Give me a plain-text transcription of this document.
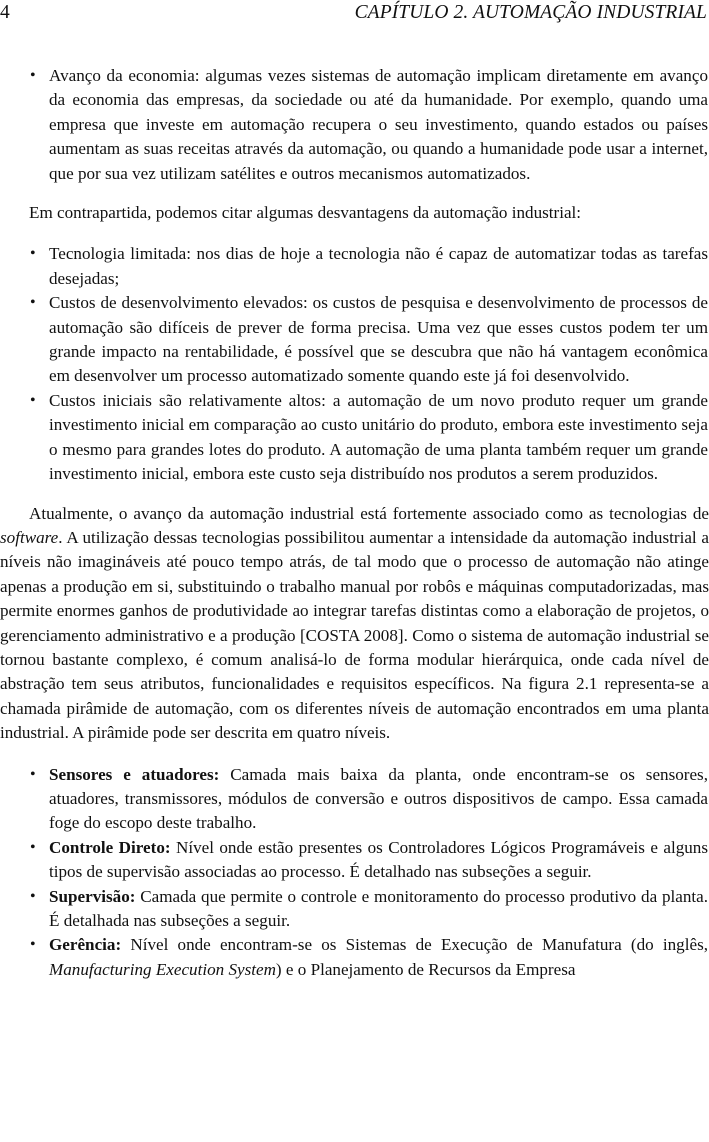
4	CAPÍTULO 2. AUTOMAÇÃO INDUSTRIAL
• Avanço da economia: algumas vezes sistemas de automação implicam diretamente em avanço da economia das empresas, da sociedade ou até da humanidade. Por exemplo, quando uma empresa que investe em automação recupera o seu investimento, quando estados ou países aumentam as suas receitas através da automação, ou quando a humanidade pode usar a internet, que por sua vez utilizam satélites e outros mecanismos automatizados.

Em contrapartida, podemos citar algumas desvantagens da automação industrial:

• Tecnologia limitada: nos dias de hoje a tecnologia não é capaz de automatizar todas as tarefas desejadas;
• Custos de desenvolvimento elevados: os custos de pesquisa e desenvolvimento de processos de automação são difíceis de prever de forma precisa. Uma vez que esses custos podem ter um grande impacto na rentabilidade, é possível que se descubra que não há vantagem econômica em desenvolver um processo automatizado somente quando este já foi desenvolvido.
• Custos iniciais são relativamente altos: a automação de um novo produto requer um grande investimento inicial em comparação ao custo unitário do produto, embora este investimento seja o mesmo para grandes lotes do produto. A automação de uma planta também requer um grande investimento inicial, embora este custo seja distribuído nos produtos a serem produzidos.

Atualmente, o avanço da automação industrial está fortemente associado como as tecnologias de software. A utilização dessas tecnologias possibilitou aumentar a intensidade da automação industrial a níveis não imagináveis até pouco tempo atrás, de tal modo que o processo de automação não atinge apenas a produção em si, substituindo o trabalho manual por robôs e máquinas computadorizadas, mas permite enormes ganhos de produtividade ao integrar tarefas distintas como a elaboração de projetos, o gerenciamento administrativo e a produção [COSTA 2008]. Como o sistema de automação industrial se tornou bastante complexo, é comum analisá-lo de forma modular hierárquica, onde cada nível de abstração tem seus atributos, funcionalidades e requisitos específicos. Na figura 2.1 representa-se a chamada pirâmide de automação, com os diferentes níveis de automação encontrados em uma planta industrial. A pirâmide pode ser descrita em quatro níveis.

• Sensores e atuadores: Camada mais baixa da planta, onde encontram-se os sensores, atuadores, transmissores, módulos de conversão e outros dispositivos de campo. Essa camada foge do escopo deste trabalho.
• Controle Direto: Nível onde estão presentes os Controladores Lógicos Programáveis e alguns tipos de supervisão associadas ao processo. É detalhado nas subseções a seguir.
• Supervisão: Camada que permite o controle e monitoramento do processo produtivo da planta. É detalhada nas subseções a seguir.
• Gerência: Nível onde encontram-se os Sistemas de Execução de Manufatura (do inglês, Manufacturing Execution System) e o Planejamento de Recursos da Empresa
